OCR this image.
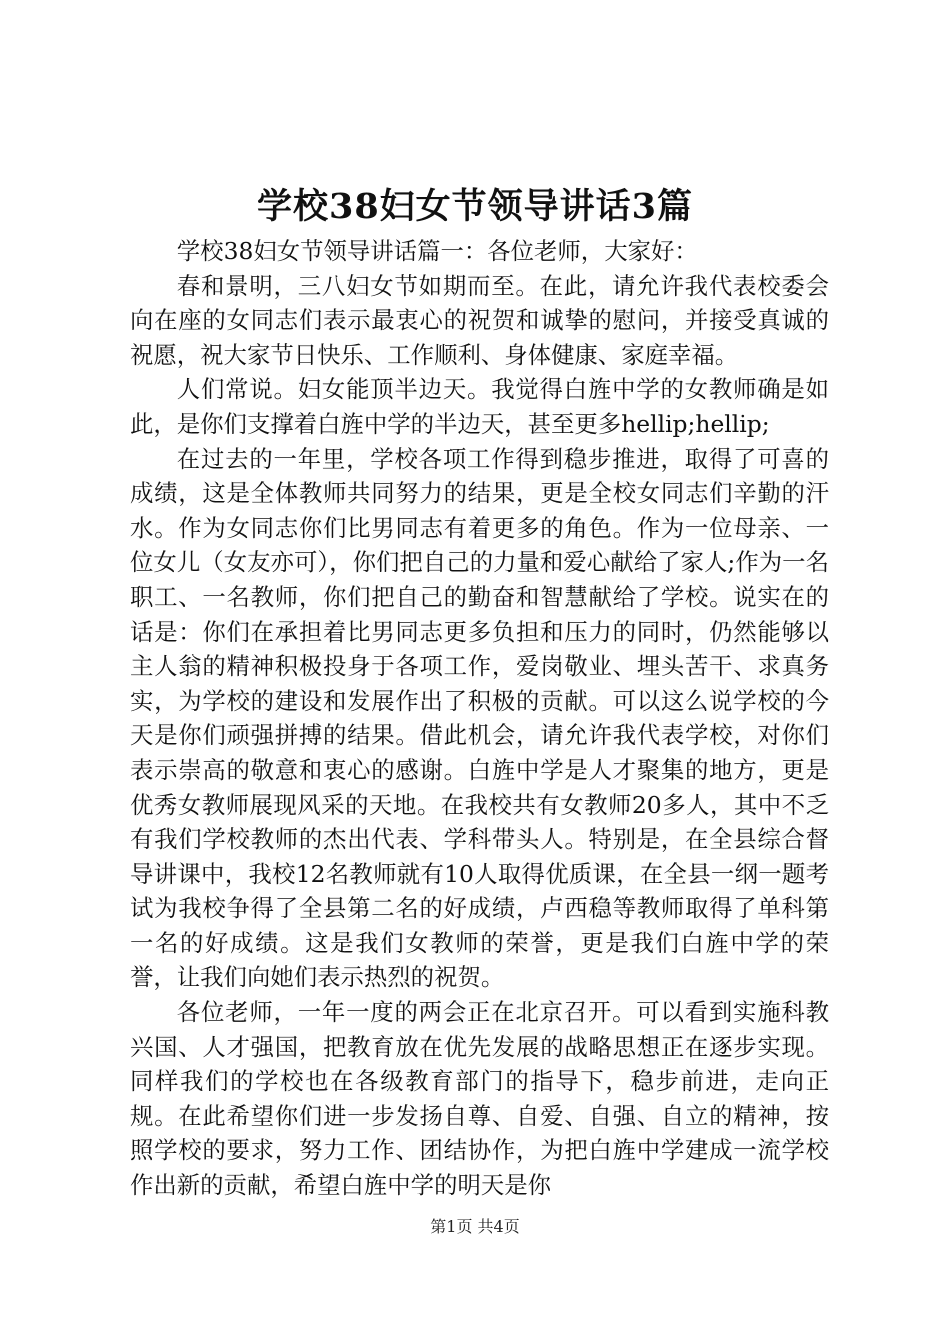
学校38妇女节领导讲话3篇

学校38妇女节领导讲话篇一：各位老师，大家好：

春和景明，三八妇女节如期而至。在此，请允许我代表校委会向在座的女同志们表示最衷心的祝贺和诚挚的慰问，并接受真诚的祝愿，祝大家节日快乐、工作顺利、身体健康、家庭幸福。

人们常说。妇女能顶半边天。我觉得白旌中学的女教师确是如此，是你们支撑着白旌中学的半边天，甚至更多hellip;hellip;

在过去的一年里，学校各项工作得到稳步推进，取得了可喜的成绩，这是全体教师共同努力的结果，更是全校女同志们辛勤的汗水。作为女同志你们比男同志有着更多的角色。作为一位母亲、一位女儿（女友亦可），你们把自己的力量和爱心献给了家人;作为一名职工、一名教师，你们把自己的勤奋和智慧献给了学校。说实在的话是：你们在承担着比男同志更多负担和压力的同时，仍然能够以主人翁的精神积极投身于各项工作，爱岗敬业、埋头苦干、求真务实，为学校的建设和发展作出了积极的贡献。可以这么说学校的今天是你们顽强拼搏的结果。借此机会，请允许我代表学校，对你们表示崇高的敬意和衷心的感谢。白旌中学是人才聚集的地方，更是优秀女教师展现风采的天地。在我校共有女教师20多人，其中不乏有我们学校教师的杰出代表、学科带头人。特别是，在全县综合督导讲课中，我校12名教师就有10人取得优质课，在全县一纲一题考试为我校争得了全县第二名的好成绩，卢西稳等教师取得了单科第一名的好成绩。这是我们女教师的荣誉，更是我们白旌中学的荣誉，让我们向她们表示热烈的祝贺。

各位老师，一年一度的两会正在北京召开。可以看到实施科教兴国、人才强国，把教育放在优先发展的战略思想正在逐步实现。同样我们的学校也在各级教育部门的指导下，稳步前进，走向正规。在此希望你们进一步发扬自尊、自爱、自强、自立的精神，按照学校的要求，努力工作、团结协作，为把白旌中学建成一流学校作出新的贡献，希望白旌中学的明天是你

第1页 共4页
